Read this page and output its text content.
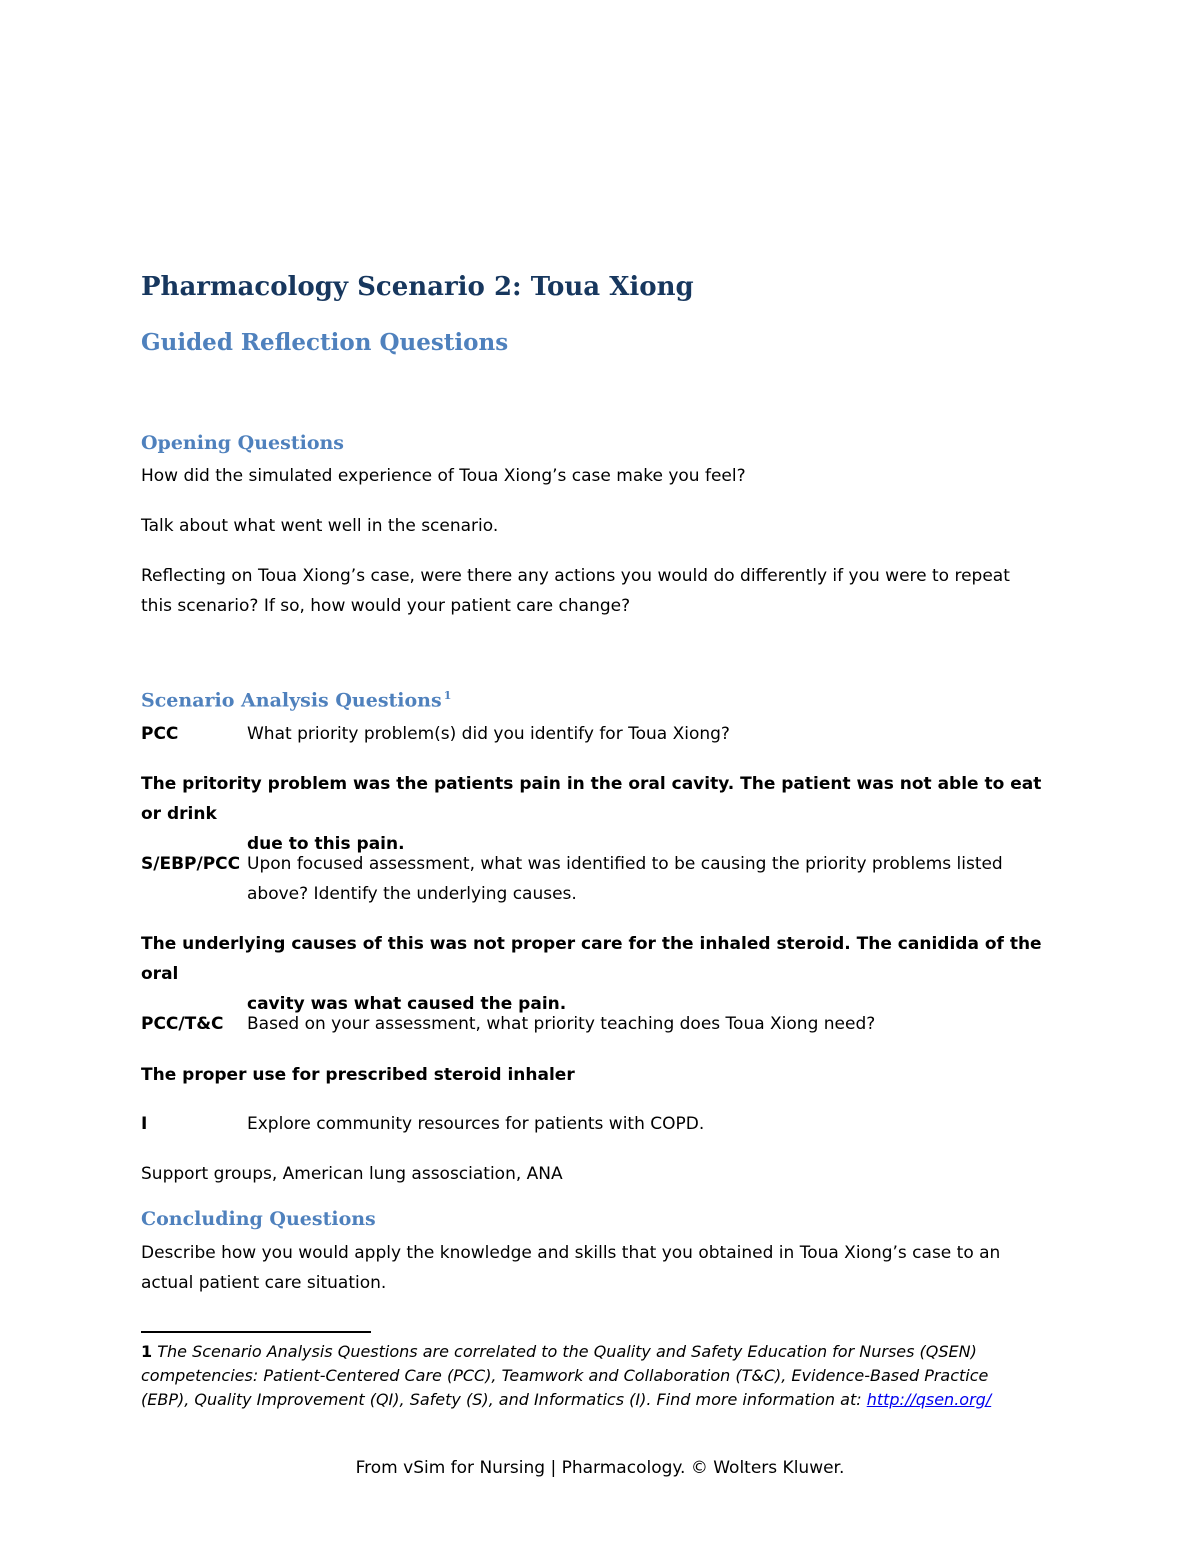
Pharmacology Scenario 2: Toua Xiong
Guided Reflection Questions
Opening Questions
How did the simulated experience of Toua Xiong’s case make you feel?
Talk about what went well in the scenario.
Reflecting on Toua Xiong’s case, were there any actions you would do differently if you were to repeat
this scenario? If so, how would your patient care change?
Scenario Analysis Questions $^1$
PCC	What priority problem(s) did you identify for Toua Xiong?
The pritority problem was the patients pain in the oral cavity. The patient was not able to eat or drink
due to this pain.
S/EBP/PCC Upon focused assessment, what was identified to be causing the priority problems listed
above? Identify the underlying causes.
The underlying causes of this was not proper care for the inhaled steroid. The canidida of the oral
cavity was what caused the pain.
PCC/T&C Based on your assessment, what priority teaching does Toua Xiong need?
The proper use for prescribed steroid inhaler
I	Explore community resources for patients with COPD.
Support groups, American lung assosciation, ANA
Concluding Questions
Describe how you would apply the knowledge and skills that you obtained in Toua Xiong’s case to an
actual patient care situation.
1 The Scenario Analysis Questions are correlated to the Quality and Safety Education for Nurses (QSEN) competencies: Patient-Centered Care (PCC), Teamwork and Collaboration (T&C), Evidence-Based Practice (EBP), Quality Improvement (QI), Safety (S), and Informatics (I). Find more information at: http://qsen.org/
From vSim for Nursing | Pharmacology. © Wolters Kluwer.
